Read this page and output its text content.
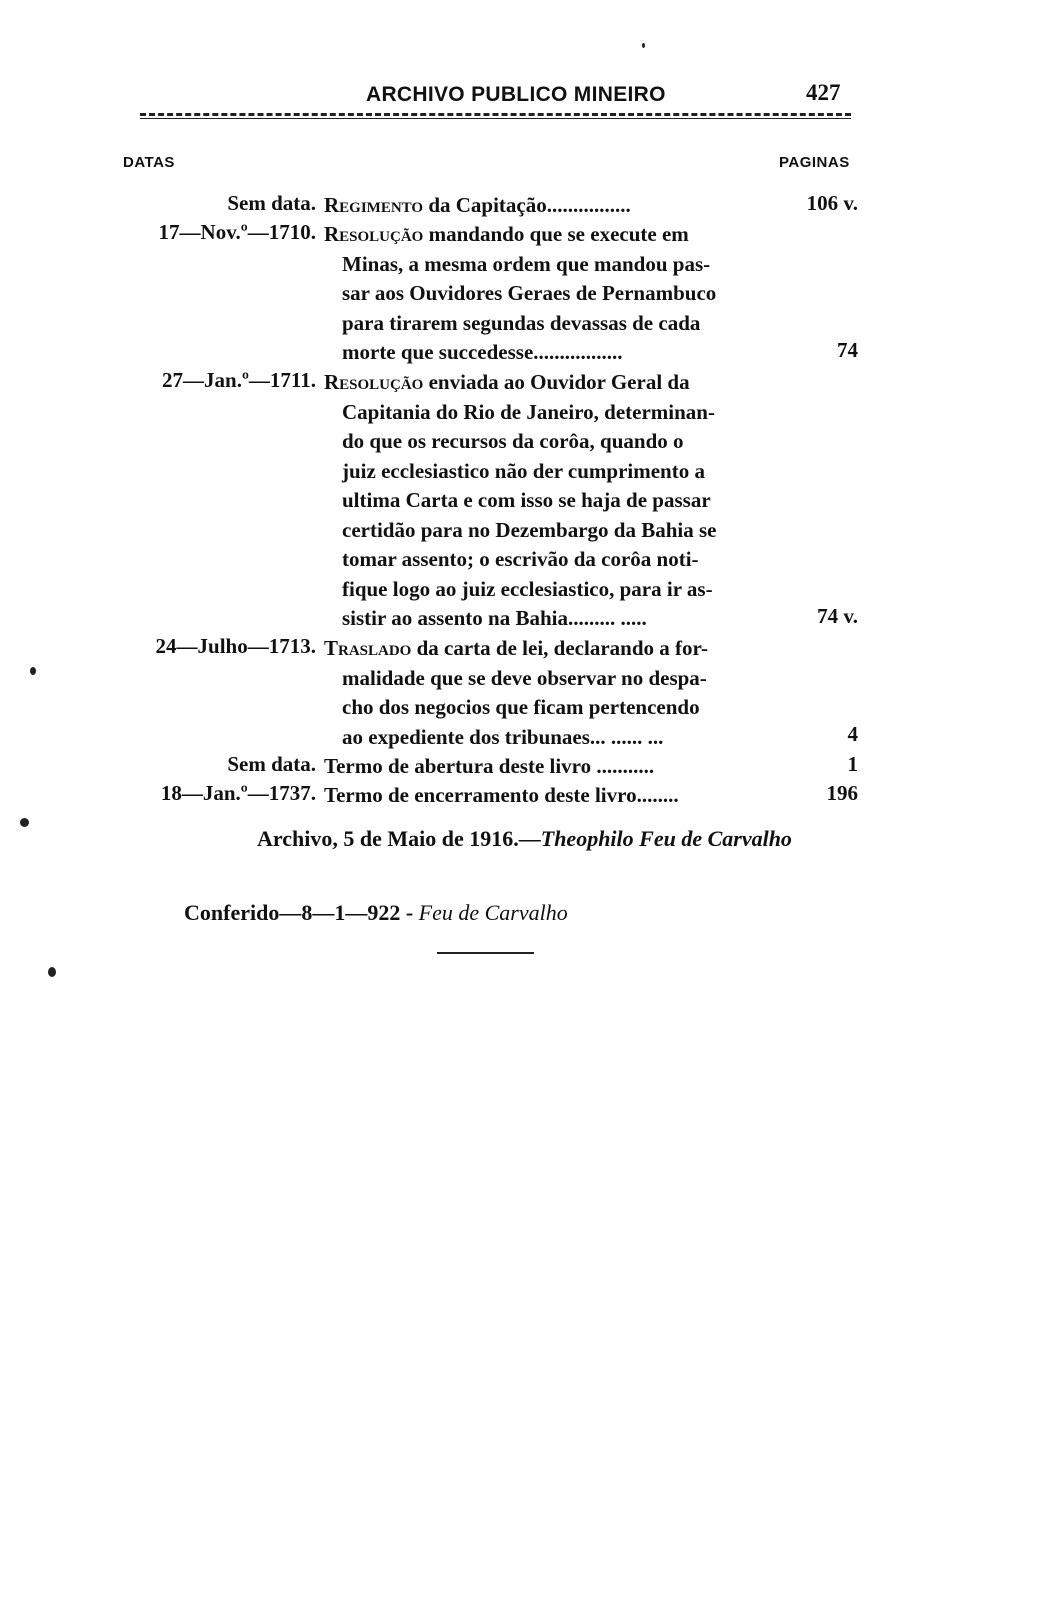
ARCHIVO PUBLICO MINEIRO	427
DATAS	PAGINAS
Sem data. Regimento da Capitação................	106 v.
17—Nov.º—1710. Resolução mandando que se execute em
Minas, a mesma ordem que mandou pas-
sar aos Ouvidores Geraes de Pernambuco
para tirarem segundas devassas de cada
morte que succedesse.................	74
27—Jan.º—1711. Resolução enviada ao Ouvidor Geral da
Capitania do Rio de Janeiro, determinan-
do que os recursos da corôa, quando o
juiz ecclesiastico não der cumprimento a
ultima Carta e com isso se haja de passar
certidão para no Dezembargo da Bahia se
tomar assento; o escrivão da corôa noti-
fique logo ao juiz ecclesiastico, para ir as-
sistir ao assento na Bahia......... .....	74 v.
24—Julho—1713. Traslado da carta de lei, declarando a for-
malidade que se deve observar no despa-
cho dos negocios que ficam pertencendo
ao expediente dos tribunaes... ...... ...	4
Sem data. Termo de abertura deste livro ...........	1
18—Jan.º—1737. Termo de encerramento deste livro........	196
Archivo, 5 de Maio de 1916.—Theophilo Feu de Carvalho
Conferido—8—1—922 - Feu de Carvalho
